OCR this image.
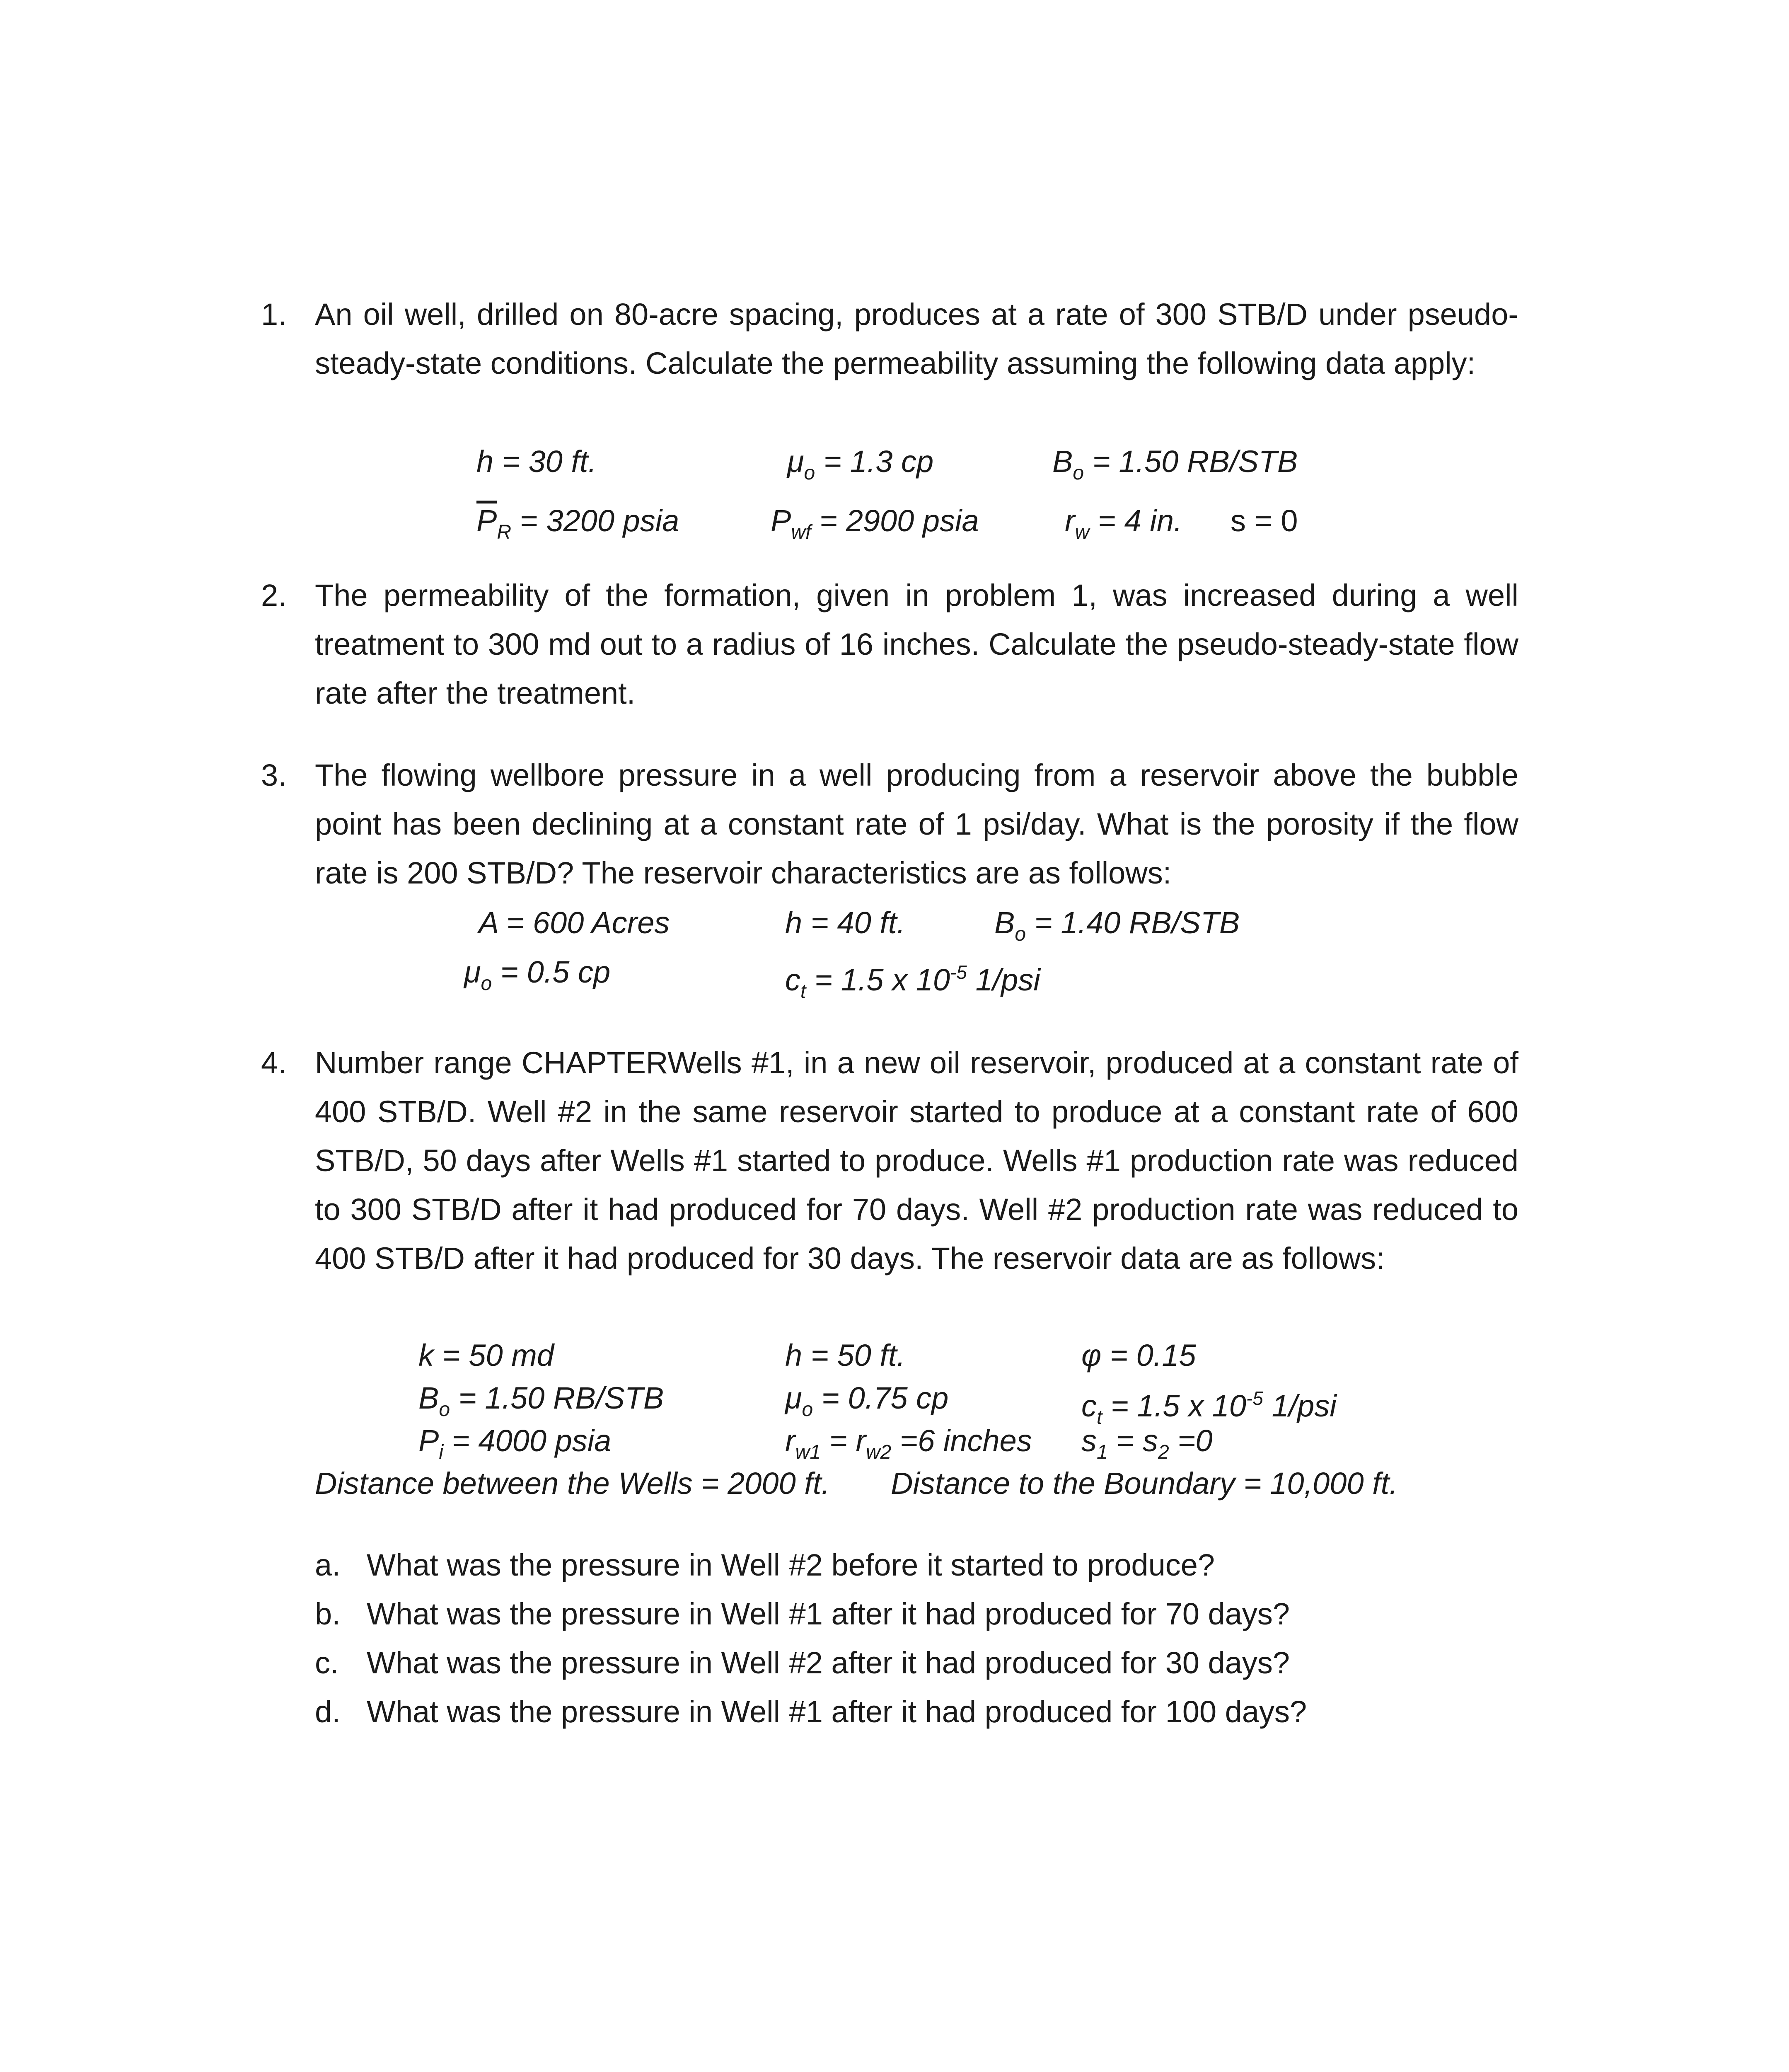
1. An oil well, drilled on 80-acre spacing, produces at a rate of 300 STB/D under pseudo-steady-state conditions. Calculate the permeability assuming the following data apply:
h = 30 ft.	$\mu_o = 1.3$ cp	$B_o = 1.50$ RB/STB
$\overline{P}_R = 3200$ psia	$P_{wf} = 2900$ psia	$r_w = 4$ in. s = 0
2. The permeability of the formation, given in problem 1, was increased during a well treatment to 300 md out to a radius of 16 inches. Calculate the pseudo-steady-state flow rate after the treatment.
3. The flowing wellbore pressure in a well producing from a reservoir above the bubble point has been declining at a constant rate of 1 psi/day. What is the porosity if the flow rate is 200 STB/D? The reservoir characteristics are as follows:
A = 600 Acres	h = 40 ft.	$B_o = 1.40$ RB/STB
$\mu_o = 0.5$ cp	$c_t = 1.5$ x $10^{-5}$ 1/psi
4. Number range CHAPTERWells #1, in a new oil reservoir, produced at a constant rate of 400 STB/D. Well #2 in the same reservoir started to produce at a constant rate of 600 STB/D, 50 days after Wells #1 started to produce. Wells #1 production rate was reduced to 300 STB/D after it had produced for 70 days. Well #2 production rate was reduced to 400 STB/D after it had produced for 30 days. The reservoir data are as follows:
k = 50 md	h = 50 ft.	φ = 0.15
$B_o = 1.50$ RB/STB	$\mu_o = 0.75$ cp	$c_t = 1.5$ x $10^{-5}$ 1/psi
$P_i = 4000$ psia	$r_{w1} = r_{w2} =6$ inches $s_1 = s_2 =0$
Distance between the Wells = 2000 ft. Distance to the Boundary = 10,000 ft.
a. What was the pressure in Well #2 before it started to produce?
b. What was the pressure in Well #1 after it had produced for 70 days?
c. What was the pressure in Well #2 after it had produced for 30 days?
d. What was the pressure in Well #1 after it had produced for 100 days?
